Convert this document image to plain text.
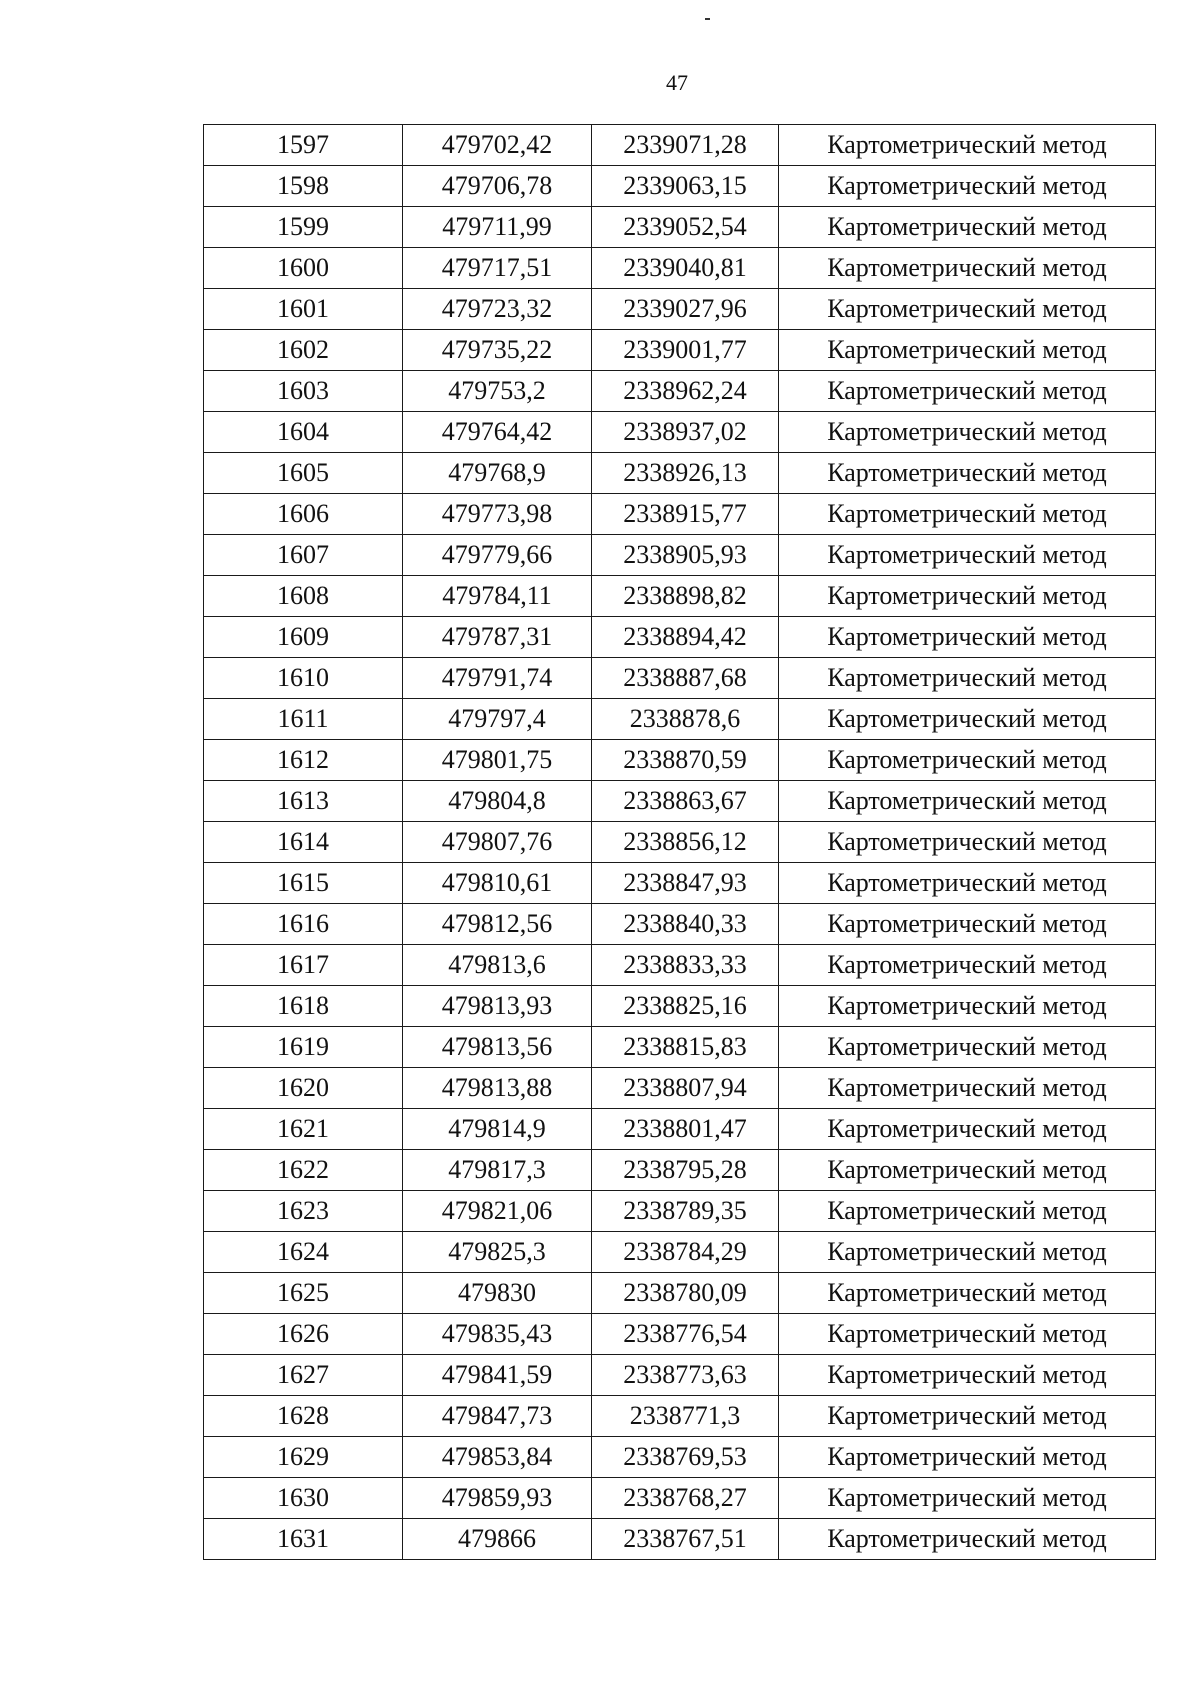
47
1597	479702,42	2339071,28	Картометрический метод
1598	479706,78	2339063,15	Картометрический метод
1599	479711,99	2339052,54	Картометрический метод
1600	479717,51	2339040,81	Картометрический метод
1601	479723,32	2339027,96	Картометрический метод
1602	479735,22	2339001,77	Картометрический метод
1603	479753,2	2338962,24	Картометрический метод
1604	479764,42	2338937,02	Картометрический метод
1605	479768,9	2338926,13	Картометрический метод
1606	479773,98	2338915,77	Картометрический метод
1607	479779,66	2338905,93	Картометрический метод
1608	479784,11	2338898,82	Картометрический метод
1609	479787,31	2338894,42	Картометрический метод
1610	479791,74	2338887,68	Картометрический метод
1611	479797,4	2338878,6	Картометрический метод
1612	479801,75	2338870,59	Картометрический метод
1613	479804,8	2338863,67	Картометрический метод
1614	479807,76	2338856,12	Картометрический метод
1615	479810,61	2338847,93	Картометрический метод
1616	479812,56	2338840,33	Картометрический метод
1617	479813,6	2338833,33	Картометрический метод
1618	479813,93	2338825,16	Картометрический метод
1619	479813,56	2338815,83	Картометрический метод
1620	479813,88	2338807,94	Картометрический метод
1621	479814,9	2338801,47	Картометрический метод
1622	479817,3	2338795,28	Картометрический метод
1623	479821,06	2338789,35	Картометрический метод
1624	479825,3	2338784,29	Картометрический метод
1625	479830	2338780,09	Картометрический метод
1626	479835,43	2338776,54	Картометрический метод
1627	479841,59	2338773,63	Картометрический метод
1628	479847,73	2338771,3	Картометрический метод
1629	479853,84	2338769,53	Картометрический метод
1630	479859,93	2338768,27	Картометрический метод
1631	479866	2338767,51	Картометрический метод
